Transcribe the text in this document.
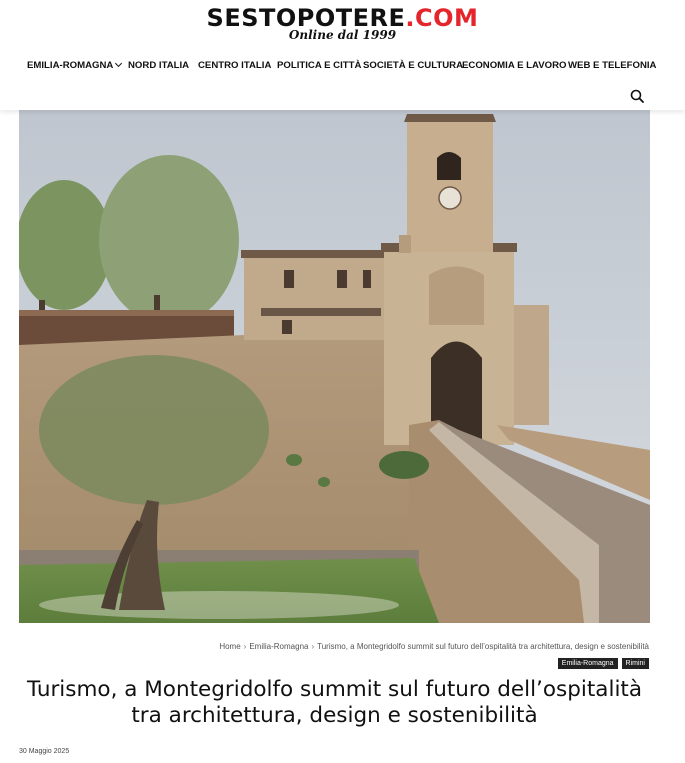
SESTOPOTERE.COM
Online dal 1999
EMILIA-ROMAGNA	NORD ITALIA CENTRO ITALIA POLITICA E CITTÀ SOCIETÀ E CULTURA
ECONOMIA E LAVORO WEB E TELEFONIA
Home › Emilia-Romagna › Turismo, a Montegridolfo summit sul futuro dell’ospitalità tra architettura, design e sostenibilità
Emilia-Romagna	Rimini
Turismo, a Montegridolfo summit sul futuro dell’ospitalità tra architettura, design e sostenibilità
30 Maggio 2025
